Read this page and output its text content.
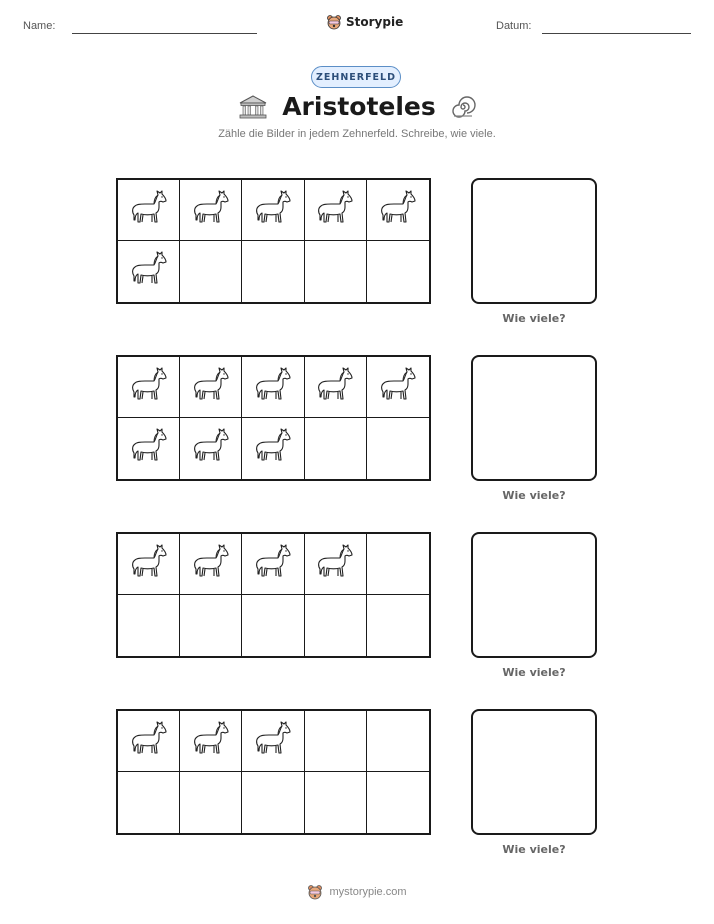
Name:	Storypie	Datum:
ZEHNERFELD
Aristoteles
Zähle die Bilder in jedem Zehnerfeld. Schreibe, wie viele.
Wie viele?
Wie viele?
Wie viele?
Wie viele?
mystorypie.com
